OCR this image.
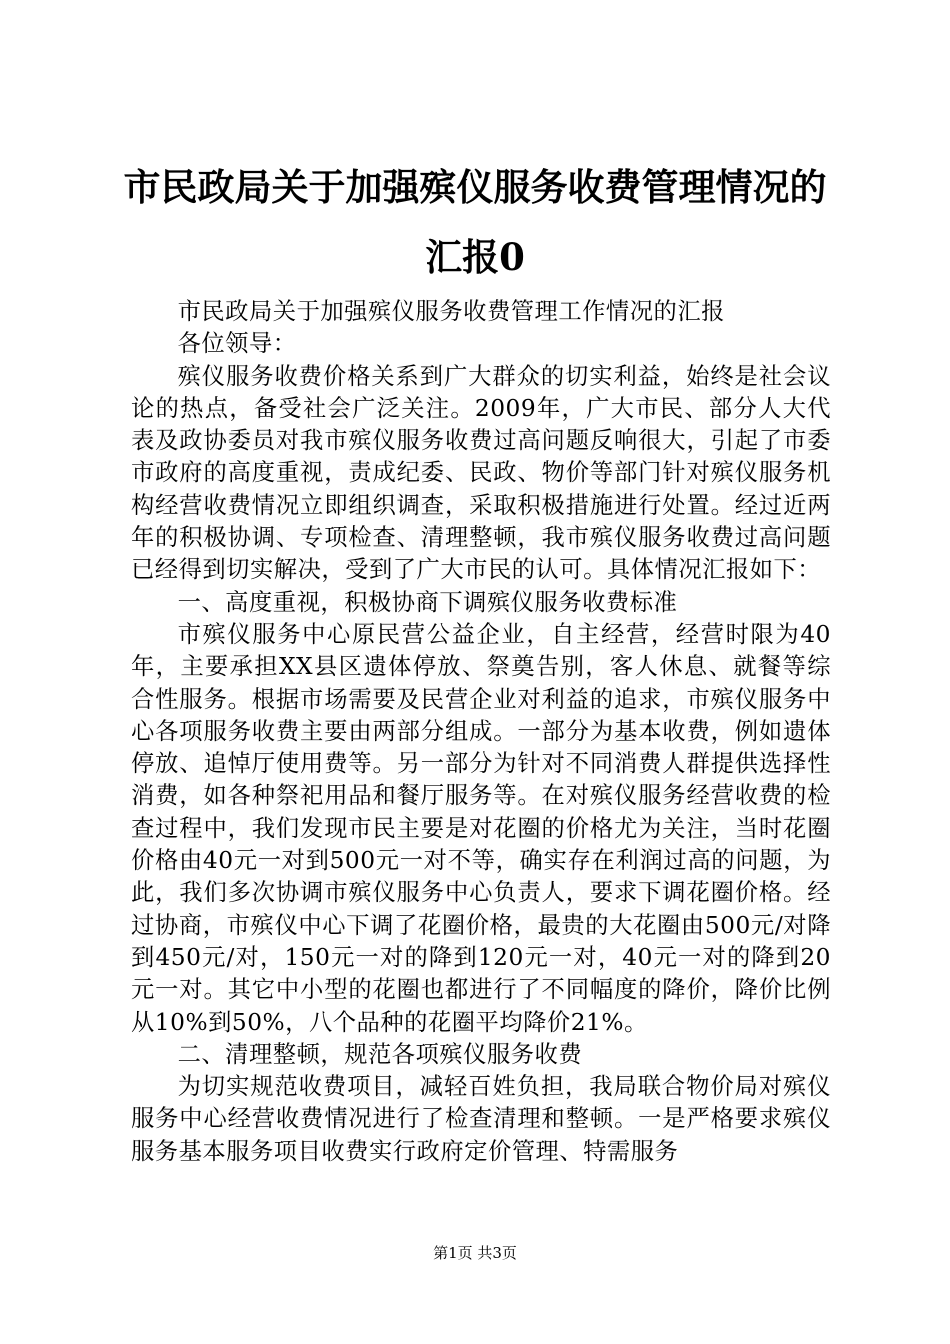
市民政局关于加强殡仪服务收费管理情况的汇报0

市民政局关于加强殡仪服务收费管理工作情况的汇报

各位领导：

殡仪服务收费价格关系到广大群众的切实利益，始终是社会议论的热点，备受社会广泛关注。2009年，广大市民、部分人大代表及政协委员对我市殡仪服务收费过高问题反响很大，引起了市委市政府的高度重视，责成纪委、民政、物价等部门针对殡仪服务机构经营收费情况立即组织调查，采取积极措施进行处置。经过近两年的积极协调、专项检查、清理整顿，我市殡仪服务收费过高问题已经得到切实解决，受到了广大市民的认可。具体情况汇报如下：

一、高度重视，积极协商下调殡仪服务收费标准

市殡仪服务中心原民营公益企业，自主经营，经营时限为40年，主要承担XX县区遗体停放、祭奠告别，客人休息、就餐等综合性服务。根据市场需要及民营企业对利益的追求，市殡仪服务中心各项服务收费主要由两部分组成。一部分为基本收费，例如遗体停放、追悼厅使用费等。另一部分为针对不同消费人群提供选择性消费，如各种祭祀用品和餐厅服务等。在对殡仪服务经营收费的检查过程中，我们发现市民主要是对花圈的价格尤为关注，当时花圈价格由40元一对到500元一对不等，确实存在利润过高的问题，为此，我们多次协调市殡仪服务中心负责人，要求下调花圈价格。经过协商，市殡仪中心下调了花圈价格，最贵的大花圈由500元/对降到450元/对，150元一对的降到120元一对，40元一对的降到20元一对。其它中小型的花圈也都进行了不同幅度的降价，降价比例从10%到50%，八个品种的花圈平均降价21%。

二、清理整顿，规范各项殡仪服务收费

为切实规范收费项目，减轻百姓负担，我局联合物价局对殡仪服务中心经营收费情况进行了检查清理和整顿。一是严格要求殡仪服务基本服务项目收费实行政府定价管理、特需服务

第1页 共3页
